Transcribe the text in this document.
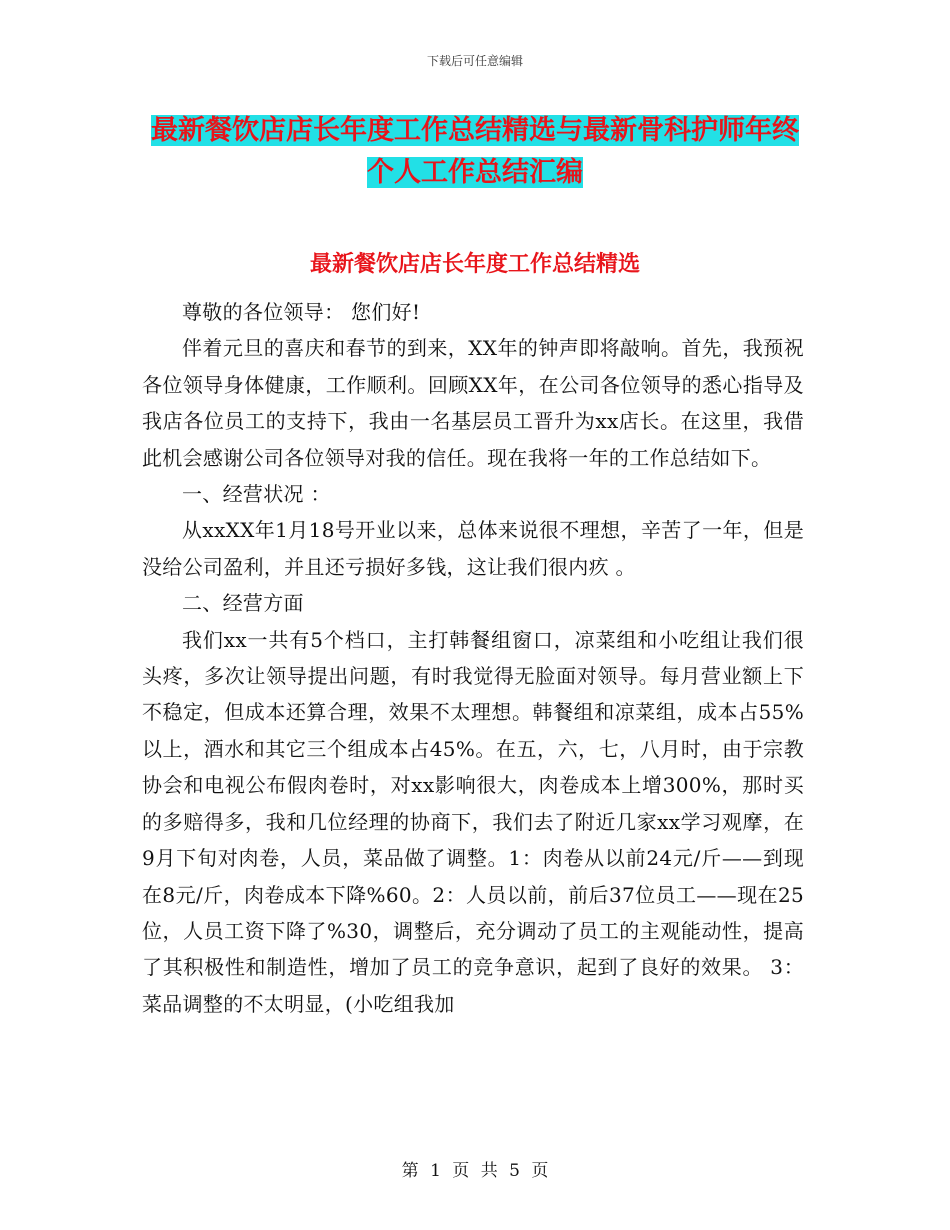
下载后可任意编辑
最新餐饮店店长年度工作总结精选与最新骨科护师年终个人工作总结汇编
最新餐饮店店长年度工作总结精选

尊敬的各位领导： 您们好!

伴着元旦的喜庆和春节的到来，XX年的钟声即将敲响。首先，我预祝各位领导身体健康，工作顺利。回顾XX年，在公司各位领导的悉心指导及我店各位员工的支持下，我由一名基层员工晋升为xx店长。在这里，我借此机会感谢公司各位领导对我的信任。现在我将一年的工作总结如下。

一、经营状况 ：

从xxXX年1月18号开业以来，总体来说很不理想，辛苦了一年，但是没给公司盈利，并且还亏损好多钱，这让我们很内疚 。

二、经营方面

我们xx一共有5个档口，主打韩餐组窗口，凉菜组和小吃组让我们很头疼，多次让领导提出问题，有时我觉得无脸面对领导。每月营业额上下不稳定，但成本还算合理，效果不太理想。韩餐组和凉菜组，成本占55%以上，酒水和其它三个组成本占45%。在五，六，七，八月时，由于宗教协会和电视公布假肉卷时，对xx影响很大，肉卷成本上增300%，那时买的多赔得多，我和几位经理的协商下，我们去了附近几家xx学习观摩，在9月下旬对肉卷，人员，菜品做了调整。1：肉卷从以前24元/斤——到现在8元/斤，肉卷成本下降%60。2：人员以前，前后37位员工——现在25位，人员工资下降了%30，调整后，充分调动了员工的主观能动性，提高了其积极性和制造性，增加了员工的竞争意识，起到了良好的效果。 3：菜品调整的不太明显，(小吃组我加

第 1 页 共 5 页
